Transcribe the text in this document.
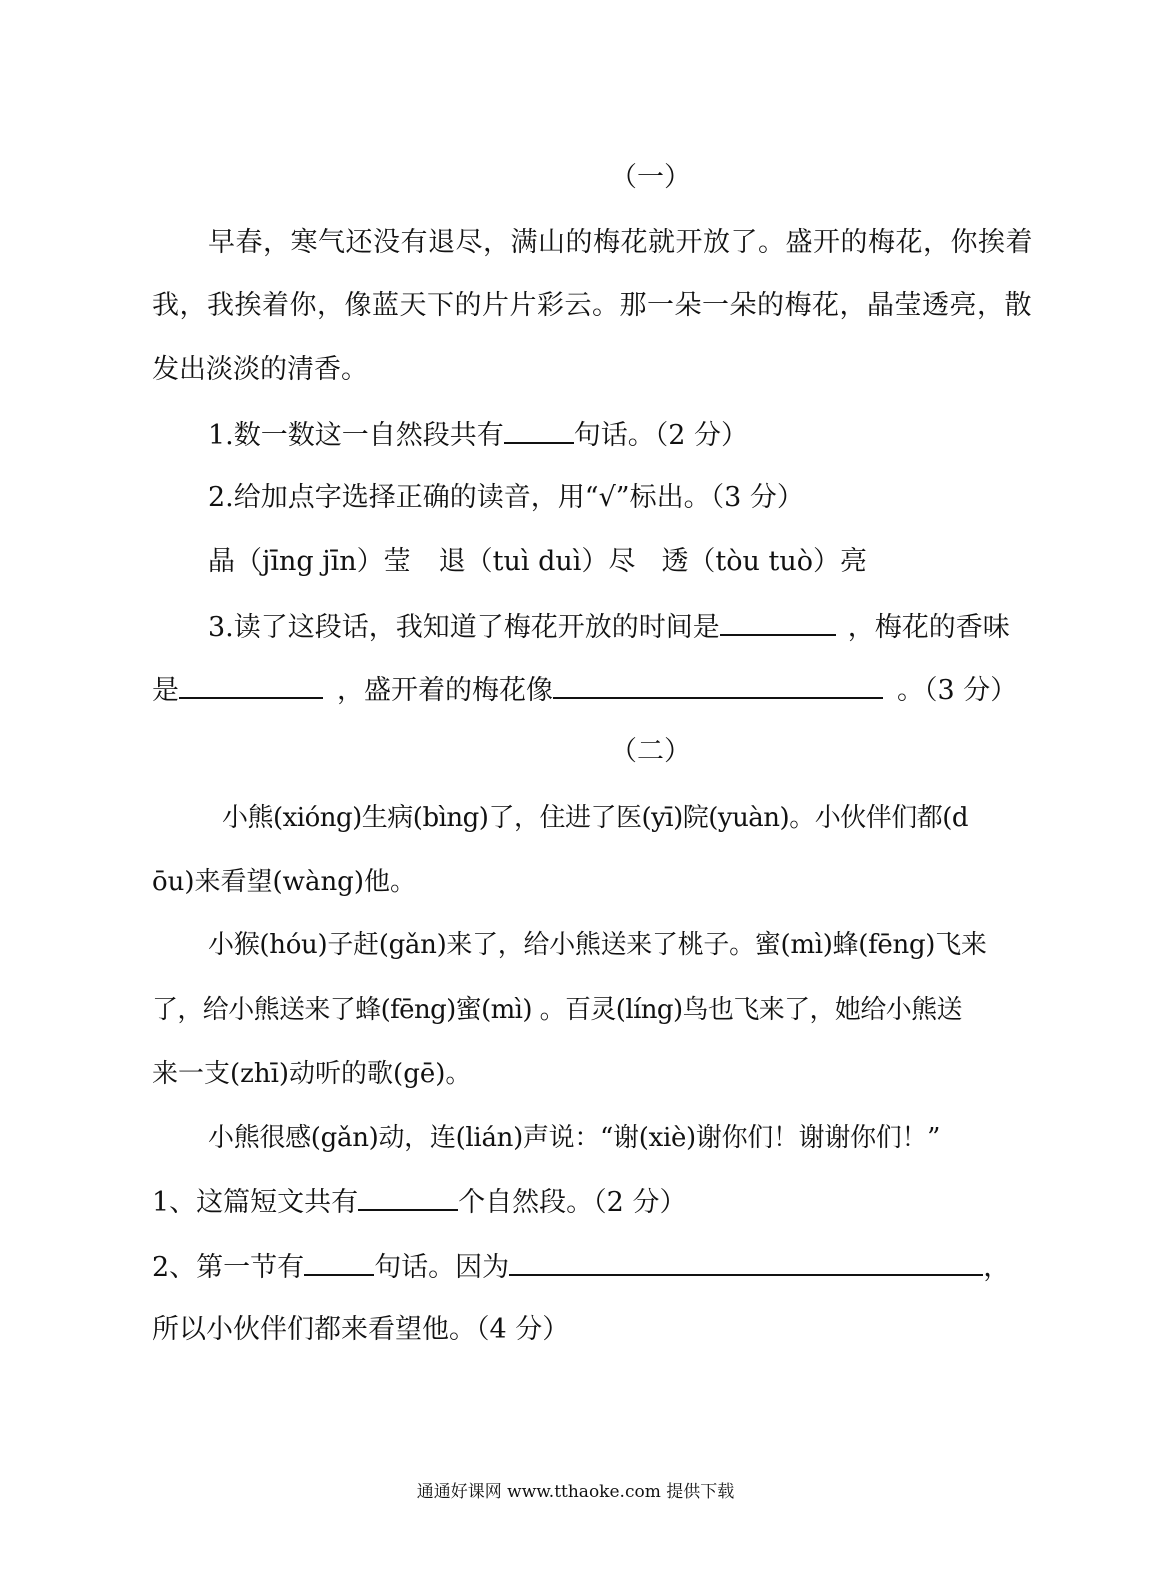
（一）
早春，寒气还没有退尽，满山的梅花就开放了。盛开的梅花，你挨着
我，我挨着你，像蓝天下的片片彩云。那一朵一朵的梅花，晶莹透亮，散
发出淡淡的清香。
1.数一数这一自然段共有	句话。（2 分）
2.给加点字选择正确的读音，用“√”标出。（3 分）
晶（jīng jīn）莹 退（tuì duì）尽 透（tòu tuò）亮
3.读了这段话，我知道了梅花开放的时间是	，梅花的香味
是	，盛开着的梅花像	。（3 分）
（二）
小熊(xióng)生病(bìng)了，住进了医(yī)院(yuàn)。小伙伴们都(d
ōu)来看望(wàng)他。
小猴(hóu)子赶(gǎn)来了，给小熊送来了桃子。蜜(mì)蜂(fēng)飞来
了，给小熊送来了蜂(fēng)蜜(mì) 。百灵(líng)鸟也飞来了，她给小熊送
来一支(zhī)动听的歌(gē)。
小熊很感(gǎn)动，连(lián)声说：“谢(xiè)谢你们！谢谢你们！”
1、这篇短文共有	个自然段。（2 分）
2、第一节有	句话。因为	，
所以小伙伴们都来看望他。（4 分）
通通好课网 www.tthaoke.com 提供下载
